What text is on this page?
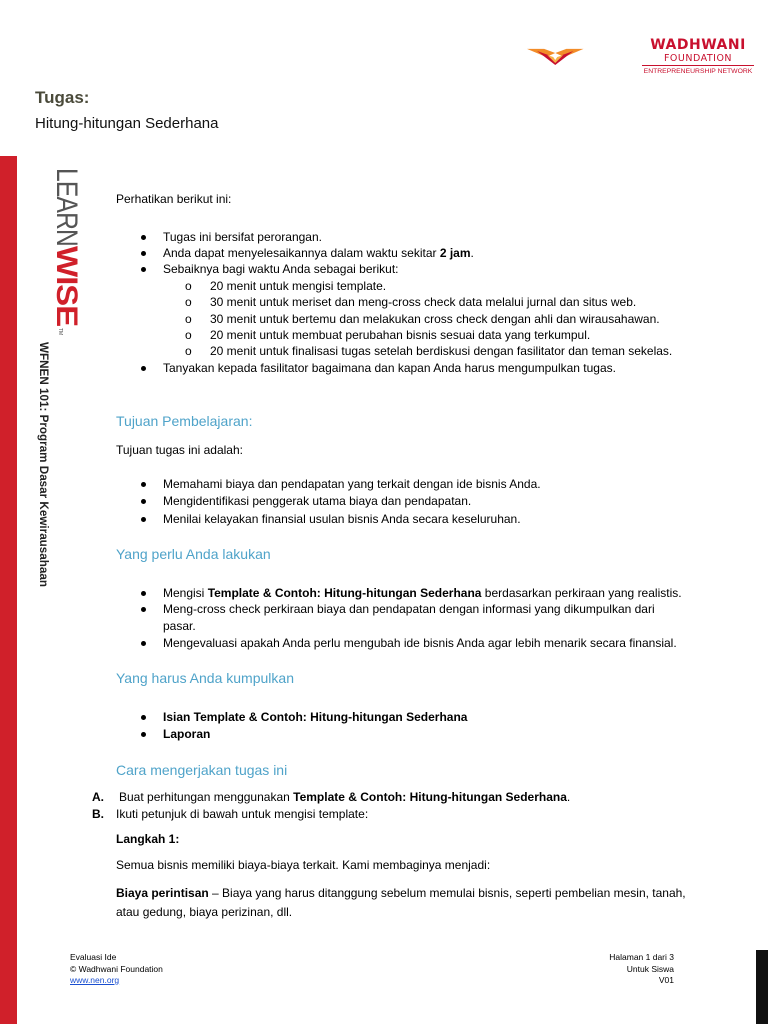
WADHWANI
FOUNDATION
ENTREPRENEURSHIP NETWORK
Tugas:
Hitung-hitungan Sederhana
LEARN
WISE
TM
WFNEN 101: Program Dasar Kewirausahaan
Perhatikan berikut ini:
Tugas ini bersifat perorangan.
Anda dapat menyelesaikannya dalam waktu sekitar 2 jam.
Sebaiknya bagi waktu Anda sebagai berikut:
o 20 menit untuk mengisi template.
o 30 menit untuk meriset dan meng-cross check data melalui jurnal dan situs web.
o 30 menit untuk bertemu dan melakukan cross check dengan ahli dan wirausahawan.
o 20 menit untuk membuat perubahan bisnis sesuai data yang terkumpul.
o 20 menit untuk finalisasi tugas setelah berdiskusi dengan fasilitator dan teman sekelas.
Tanyakan kepada fasilitator bagaimana dan kapan Anda harus mengumpulkan tugas.
Tujuan Pembelajaran:
Tujuan tugas ini adalah:
Memahami biaya dan pendapatan yang terkait dengan ide bisnis Anda.
Mengidentifikasi penggerak utama biaya dan pendapatan.
Menilai kelayakan finansial usulan bisnis Anda secara keseluruhan.
Yang perlu Anda lakukan
Mengisi Template & Contoh: Hitung-hitungan Sederhana berdasarkan perkiraan yang realistis.
Meng-cross check perkiraan biaya dan pendapatan dengan informasi yang dikumpulkan dari
pasar.
Mengevaluasi apakah Anda perlu mengubah ide bisnis Anda agar lebih menarik secara finansial.
Yang harus Anda kumpulkan
Isian Template & Contoh: Hitung-hitungan Sederhana
Laporan
Cara mengerjakan tugas ini
A. Buat perhitungan menggunakan Template & Contoh: Hitung-hitungan Sederhana.
B. Ikuti petunjuk di bawah untuk mengisi template:
Langkah 1:
Semua bisnis memiliki biaya-biaya terkait. Kami membaginya menjadi:
Biaya perintisan – Biaya yang harus ditanggung sebelum memulai bisnis, seperti pembelian mesin, tanah,
atau gedung, biaya perizinan, dll.
Evaluasi Ide
© Wadhwani Foundation
www.nen.org
Halaman 1 dari 3
Untuk Siswa
V01
